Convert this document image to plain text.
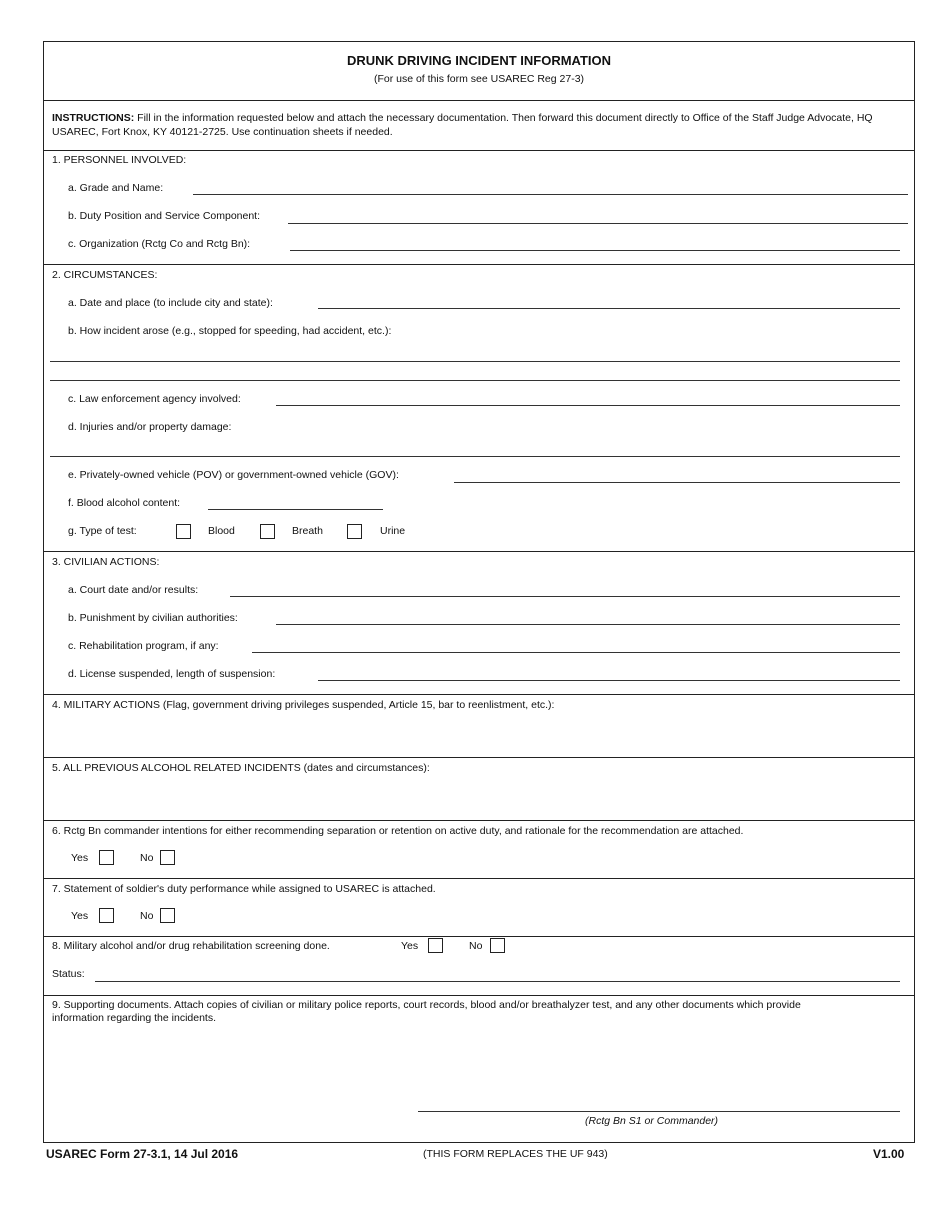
DRUNK DRIVING INCIDENT INFORMATION
(For use of this form see USAREC Reg 27-3)
INSTRUCTIONS: Fill in the information requested below and attach the necessary documentation. Then forward this document directly to Office of the Staff Judge Advocate, HQ USAREC, Fort Knox, KY 40121-2725. Use continuation sheets if needed.
1. PERSONNEL INVOLVED:
a. Grade and Name:
b. Duty Position and Service Component:
c. Organization (Rctg Co and Rctg Bn):
2. CIRCUMSTANCES:
a. Date and place (to include city and state):
b. How incident arose (e.g., stopped for speeding, had accident, etc.):
c. Law enforcement agency involved:
d. Injuries and/or property damage:
e. Privately-owned vehicle (POV) or government-owned vehicle (GOV):
f. Blood alcohol content:
g. Type of test:	Blood	Breath	Urine
3. CIVILIAN ACTIONS:
a. Court date and/or results:
b. Punishment by civilian authorities:
c. Rehabilitation program, if any:
d. License suspended, length of suspension:
4. MILITARY ACTIONS (Flag, government driving privileges suspended, Article 15, bar to reenlistment, etc.):
5. ALL PREVIOUS ALCOHOL RELATED INCIDENTS (dates and circumstances):
6. Rctg Bn commander intentions for either recommending separation or retention on active duty, and rationale for the recommendation are attached.
Yes	No
7. Statement of soldier's duty performance while assigned to USAREC is attached.
Yes	No
8. Military alcohol and/or drug rehabilitation screening done.	Yes	No
Status:
9. Supporting documents. Attach copies of civilian or military police reports, court records, blood and/or breathalyzer test, and any other documents which provide information regarding the incidents.
(Rctg Bn S1 or Commander)
USAREC Form 27-3.1, 14 Jul 2016	(THIS FORM REPLACES THE UF 943)	V1.00
